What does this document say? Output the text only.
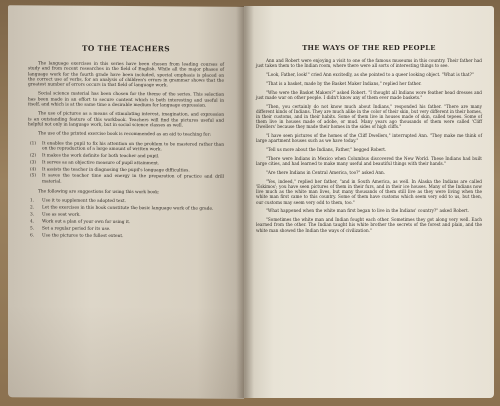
TO THE TEACHERS

The language exercises in this series have been chosen from leading courses of study and from recent researches in the field of English. While all the major phases of language work for the fourth grade have been included, special emphasis is placed on the correct use of verbs, for an analysis of children's errors in grammar shows that the greatest number of errors occurs in that field of language work.

Social science material has been chosen for the theme of the series. This selection has been made in an effort to secure content which is both interesting and useful in itself, and which is at the same time a desirable medium for language expression.

The use of pictures as a means of stimulating interest, imagination, and expression is an outstanding feature of this workbook. Teachers will find the pictures useful and helpful not only in language work, but in social science classes as well.

The use of the printed exercise book is recommended as an aid to teaching for:

(1) It enables the pupil to fix his attention on the problem to be mastered rather than on the reproduction of a large amount of written work.
(2) It makes the work definite for both teacher and pupil.
(3) It serves as an objective measure of pupil attainment.
(4) It assists the teacher in diagnosing the pupil's language difficulties.
(5) It saves the teacher time and energy in the preparation of practice and drill material.

The following are suggestions for using this work book:

1. Use it to supplement the adopted text.
2. Let the exercises in this book constitute the basic language work of the grade.
3. Use as seat work.
4. Work out a plan of your own for using it.
5. Set a regular period for its use.
6. Use the pictures to the fullest extent.
THE WAYS OF THE RED PEOPLE

Ann and Robert were enjoying a visit to one of the famous museums in this country. Their father had just taken them to the Indian room, where there were all sorts of interesting things to see.

"Look, Father, look!" cried Ann excitedly, as she pointed to a queer looking object. "What is that?"

"That is a basket, made by the Basket Maker Indians," replied her father.

"Who were the Basket Makers?" asked Robert. "I thought all Indians wore feather head dresses and just made war on other people. I didn't know any of them ever made baskets."

"Then, you certainly do not know much about Indians," responded his father. "There are many different kinds of Indians. They are much alike in the color of their skin, but very different in their homes, in their customs, and in their habits. Some of them live in houses made of skin, called tepees. Some of them live in houses made of adobe, or mud. Many years ago thousands of them were called 'Cliff Dwellers' because they made their homes in the sides of high cliffs."

"I have seen pictures of the homes of the Cliff Dwellers," interrupted Ann. "They make me think of large apartment houses such as we have today."

"Tell us more about the Indians, Father," begged Robert.

"There were Indians in Mexico when Columbus discovered the New World. These Indians had built large cities, and had learned to make many useful and beautiful things with their hands."

"Are there Indians in Central America, too?" asked Ann.

"Yes, indeed," replied her father, "and in South America, as well. In Alaska the Indians are called 'Eskimos'; you have seen pictures of them in their furs, and in their ice houses. Many of the Indians now live much as the white man lives, but many thousands of them still live as they were living when the white man first came to this country. Some of them have customs which seem very odd to us, but then, our customs may seem very odd to them, too."

"What happened when the white man first began to live in the Indians' country?" asked Robert.

"Sometimes the white man and Indian fought each other. Sometimes they got along very well. Each learned from the other. The Indian taught his white brother the secrets of the forest and plain, and the white man showed the Indian the ways of civilization."
